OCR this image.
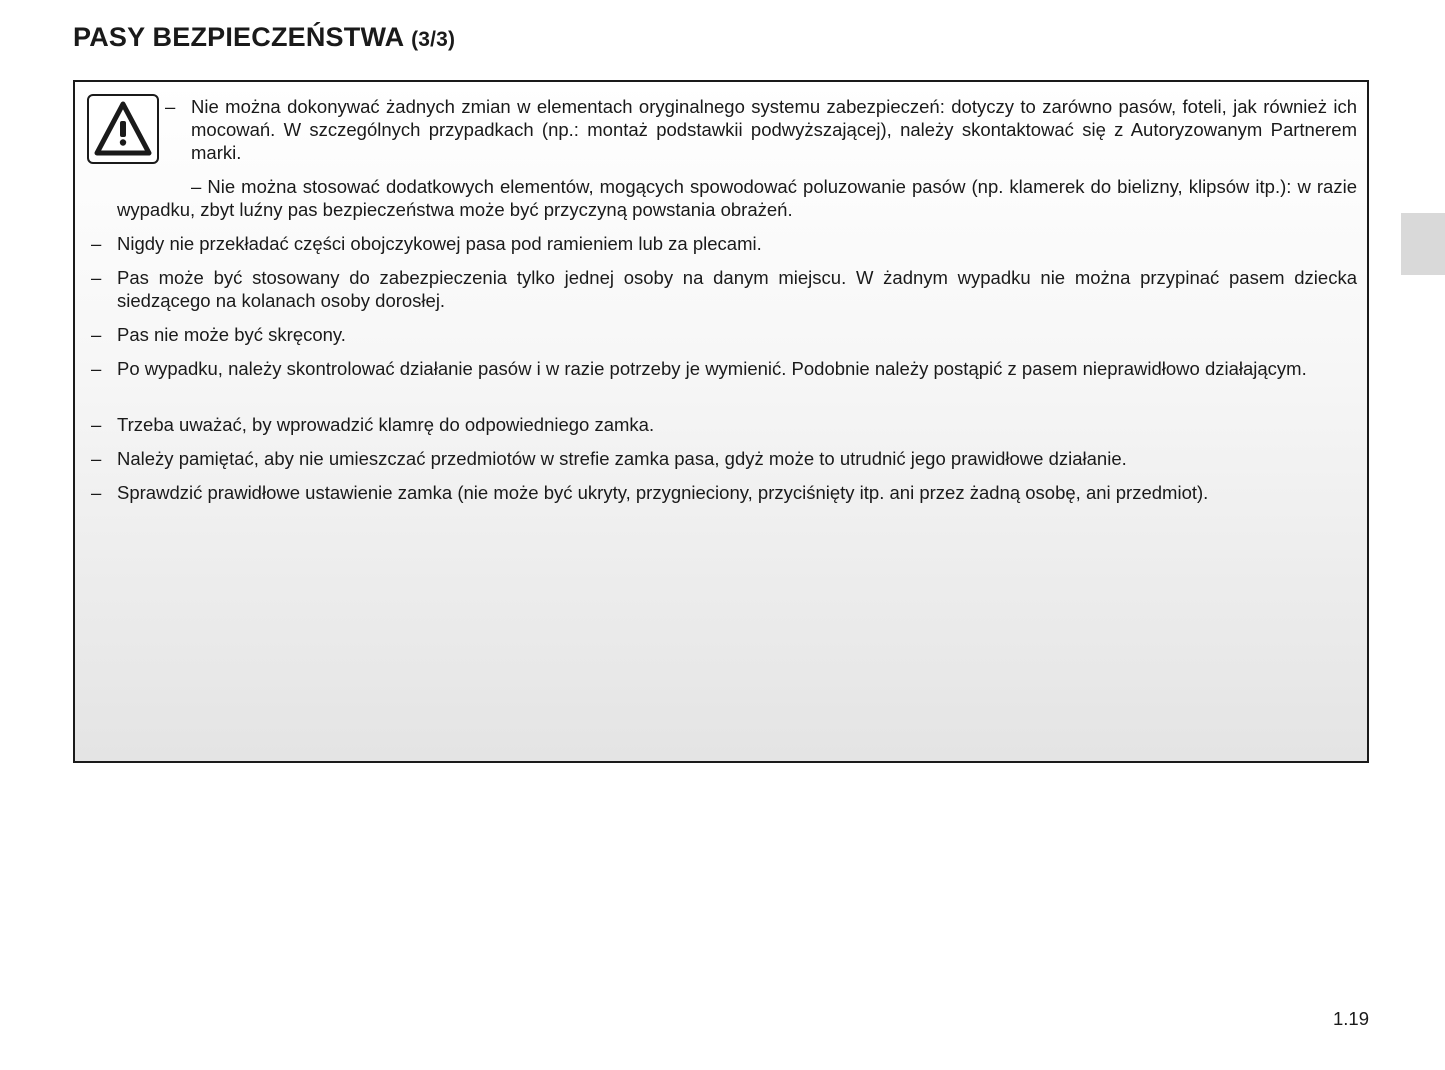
PASY BEZPIECZEŃSTWA (3/3)
– Nie można dokonywać żadnych zmian w elementach oryginalnego systemu zabezpieczeń: dotyczy to zarówno pasów, foteli, jak również ich mocowań. W szczególnych przypadkach (np.: montaż podstawkii podwyższającej), należy skontaktować się z Autoryzowanym Partnerem marki.
– Nie można stosować dodatkowych elementów, mogących spowodować poluzowanie pasów (np. klamerek do bielizny, klipsów itp.): w razie wypadku, zbyt luźny pas bezpieczeństwa może być przyczyną powstania obrażeń.
– Nigdy nie przekładać części obojczykowej pasa pod ramieniem lub za plecami.
– Pas może być stosowany do zabezpieczenia tylko jednej osoby na danym miejscu. W żadnym wypadku nie można przypinać pasem dziecka siedzącego na kolanach osoby dorosłej.
– Pas nie może być skręcony.
– Po wypadku, należy skontrolować działanie pasów i w razie potrzeby je wymienić. Podobnie należy postąpić z pasem nieprawidłowo działającym.
– Trzeba uważać, by wprowadzić klamrę do odpowiedniego zamka.
– Należy pamiętać, aby nie umieszczać przedmiotów w strefie zamka pasa, gdyż może to utrudnić jego prawidłowe działanie.
– Sprawdzić prawidłowe ustawienie zamka (nie może być ukryty, przygnieciony, przyciśnięty itp. ani przez żadną osobę, ani przedmiot).
1.19
